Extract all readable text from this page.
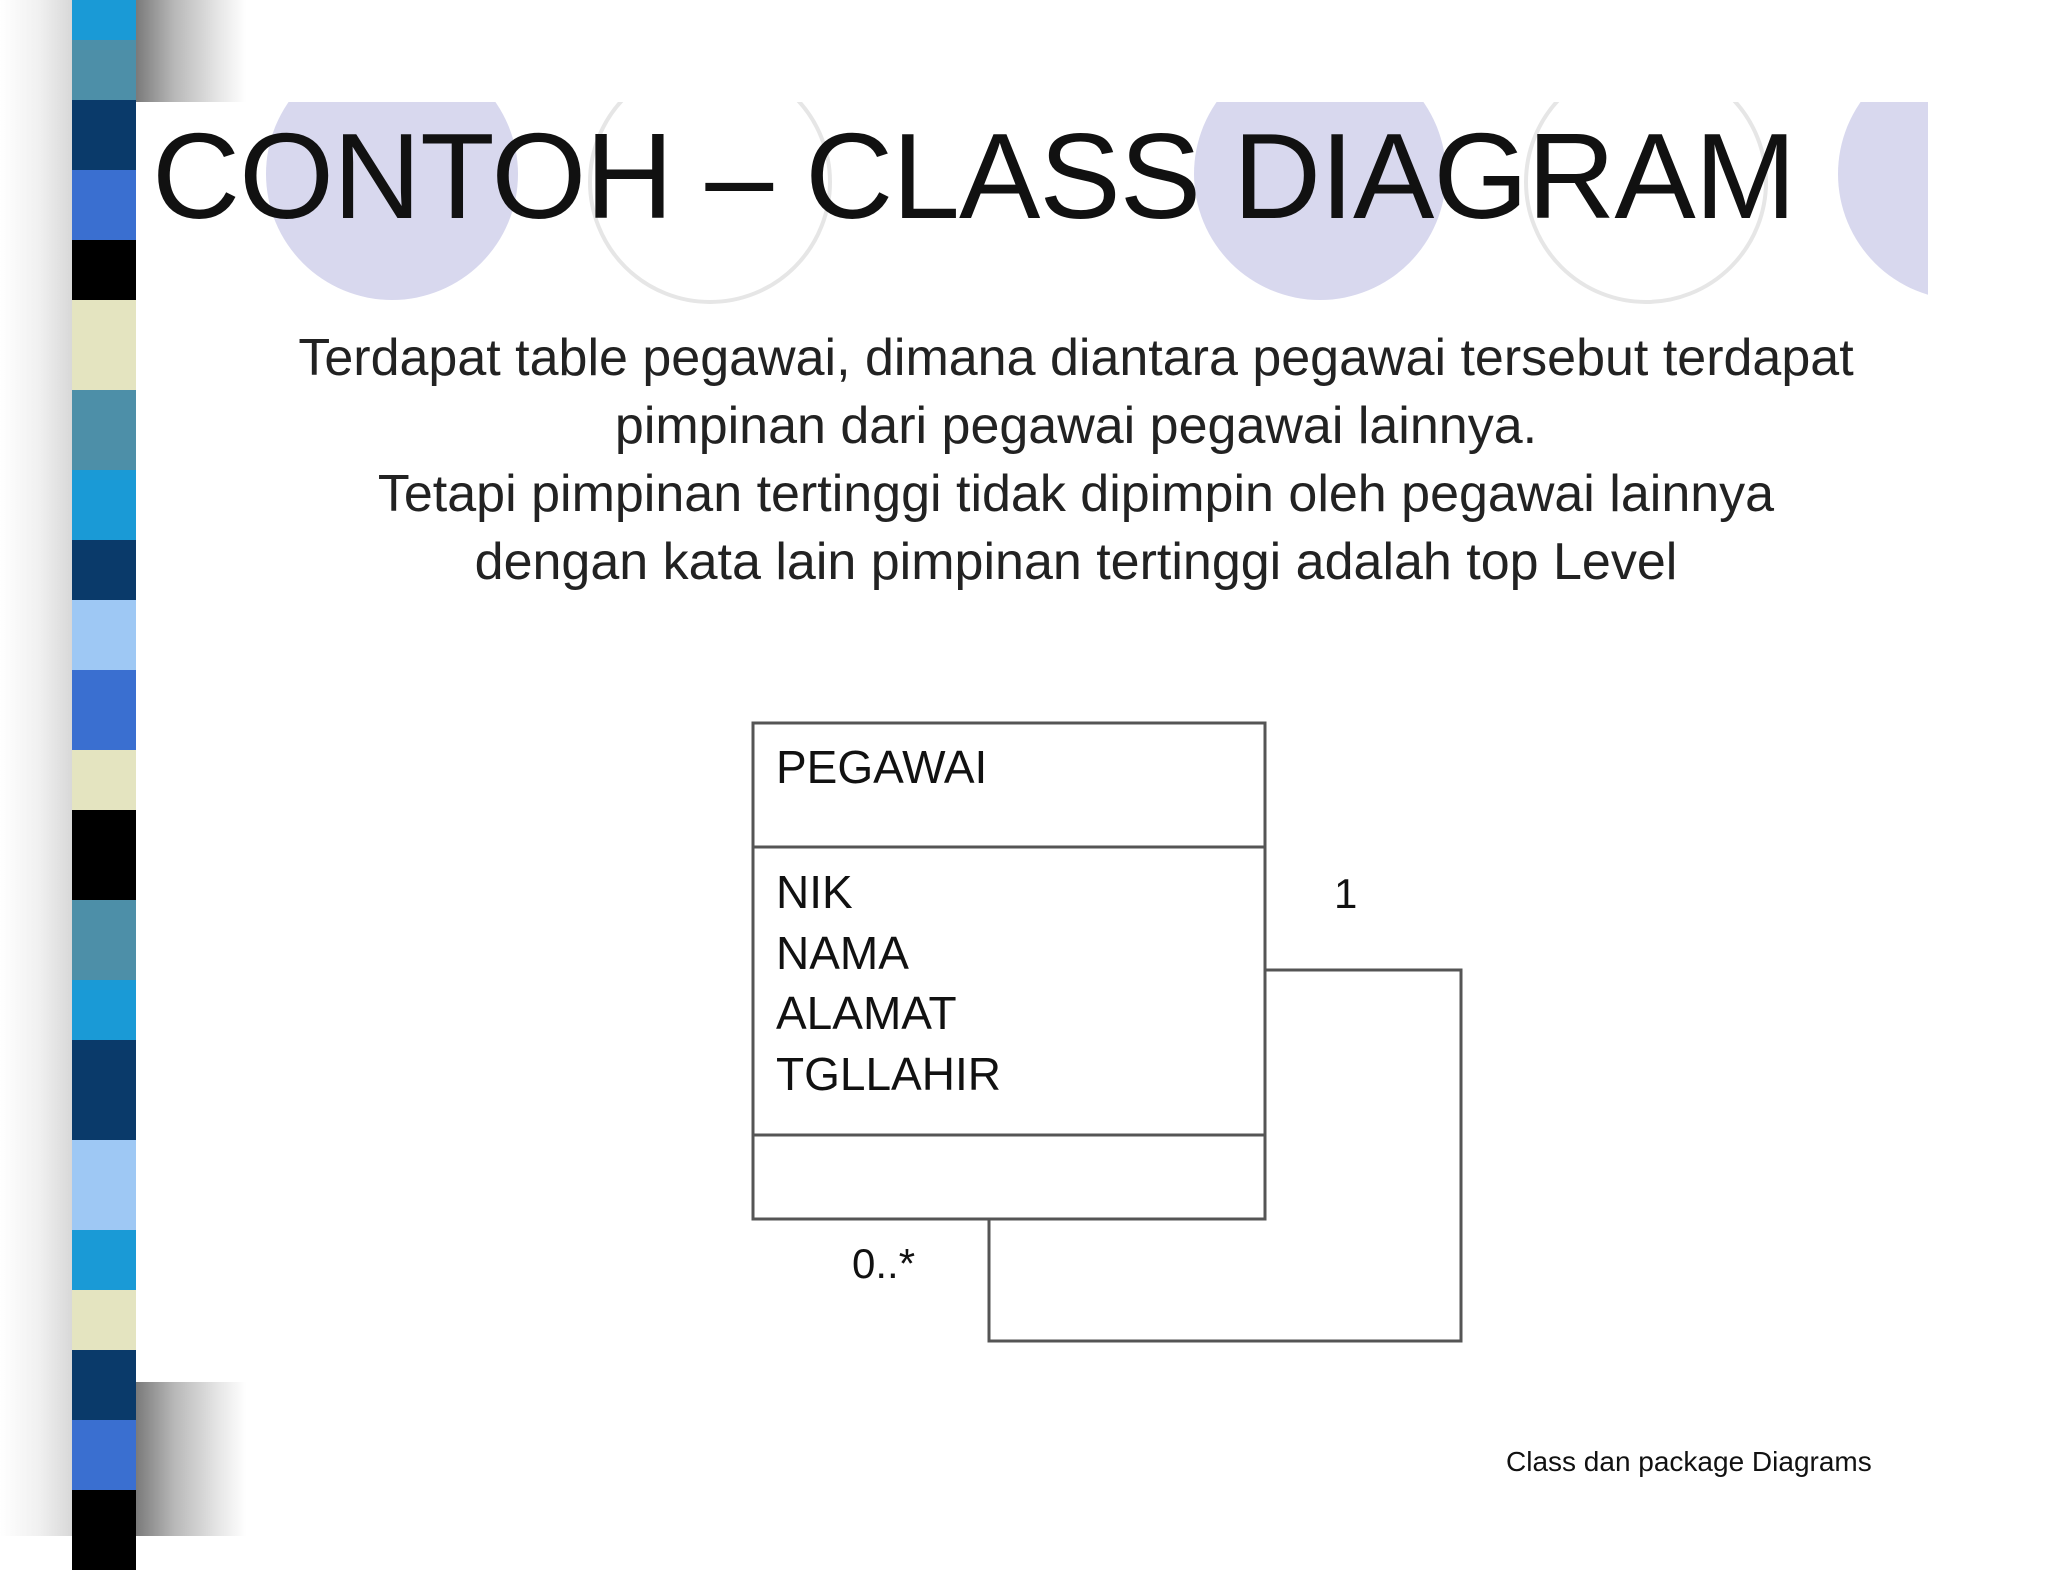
CONTOH – CLASS DIAGRAM
Terdapat table pegawai, dimana diantara pegawai tersebut terdapat
pimpinan dari pegawai pegawai lainnya.
Tetapi pimpinan tertinggi tidak dipimpin oleh pegawai lainnya
dengan kata lain pimpinan tertinggi adalah top Level
PEGAWAI
NIK
NAMA
ALAMAT
TGLLAHIR
1
0..*
Class dan package Diagrams
